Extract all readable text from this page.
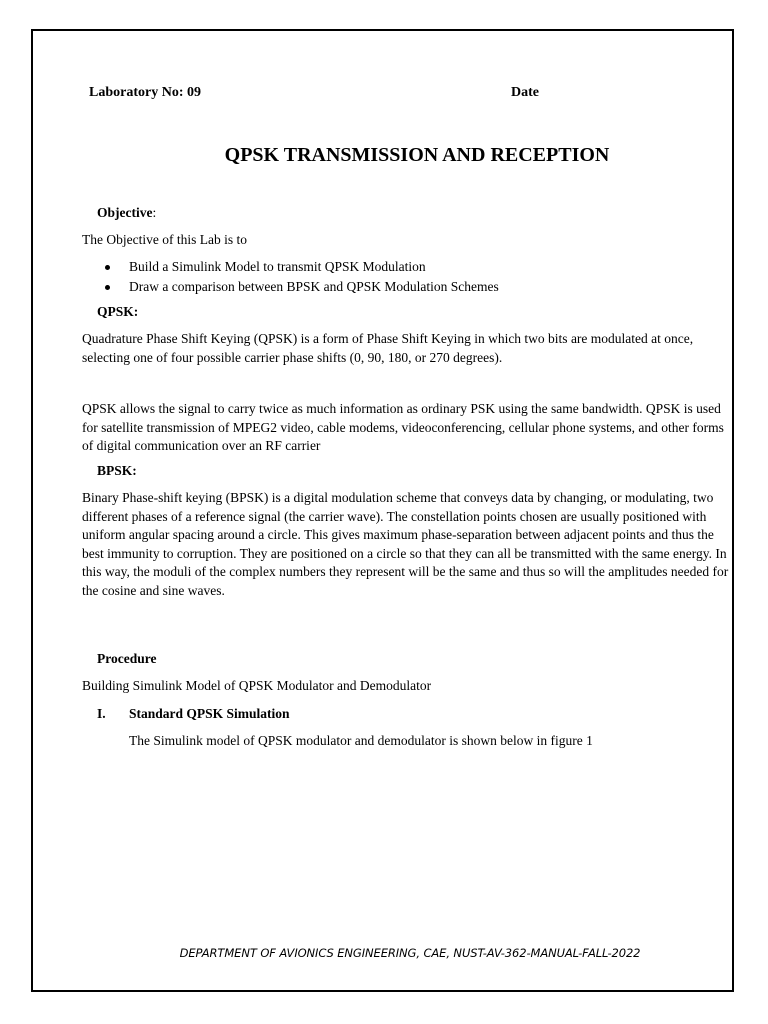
Laboratory No: 09	Date
QPSK TRANSMISSION AND RECEPTION
Objective:
The Objective of this Lab is to
Build a Simulink Model to transmit QPSK Modulation
Draw a comparison between BPSK and QPSK Modulation Schemes
QPSK:
Quadrature Phase Shift Keying (QPSK) is a form of Phase Shift Keying in which two bits are modulated at once, selecting one of four possible carrier phase shifts (0, 90, 180, or 270 degrees).
QPSK allows the signal to carry twice as much information as ordinary PSK using the same bandwidth. QPSK is used for satellite transmission of MPEG2 video, cable modems, videoconferencing, cellular phone systems, and other forms of digital communication over an RF carrier
BPSK:
Binary Phase-shift keying (BPSK) is a digital modulation scheme that conveys data by changing, or modulating, two different phases of a reference signal (the carrier wave). The constellation points chosen are usually positioned with uniform angular spacing around a circle. This gives maximum phase-separation between adjacent points and thus the best immunity to corruption. They are positioned on a circle so that they can all be transmitted with the same energy. In this way, the moduli of the complex numbers they represent will be the same and thus so will the amplitudes needed for the cosine and sine waves.
Procedure
Building Simulink Model of QPSK Modulator and Demodulator
I. Standard QPSK Simulation
The Simulink model of QPSK modulator and demodulator is shown below in figure 1
DEPARTMENT OF AVIONICS ENGINEERING, CAE, NUST-AV-362-MANUAL-FALL-2022
